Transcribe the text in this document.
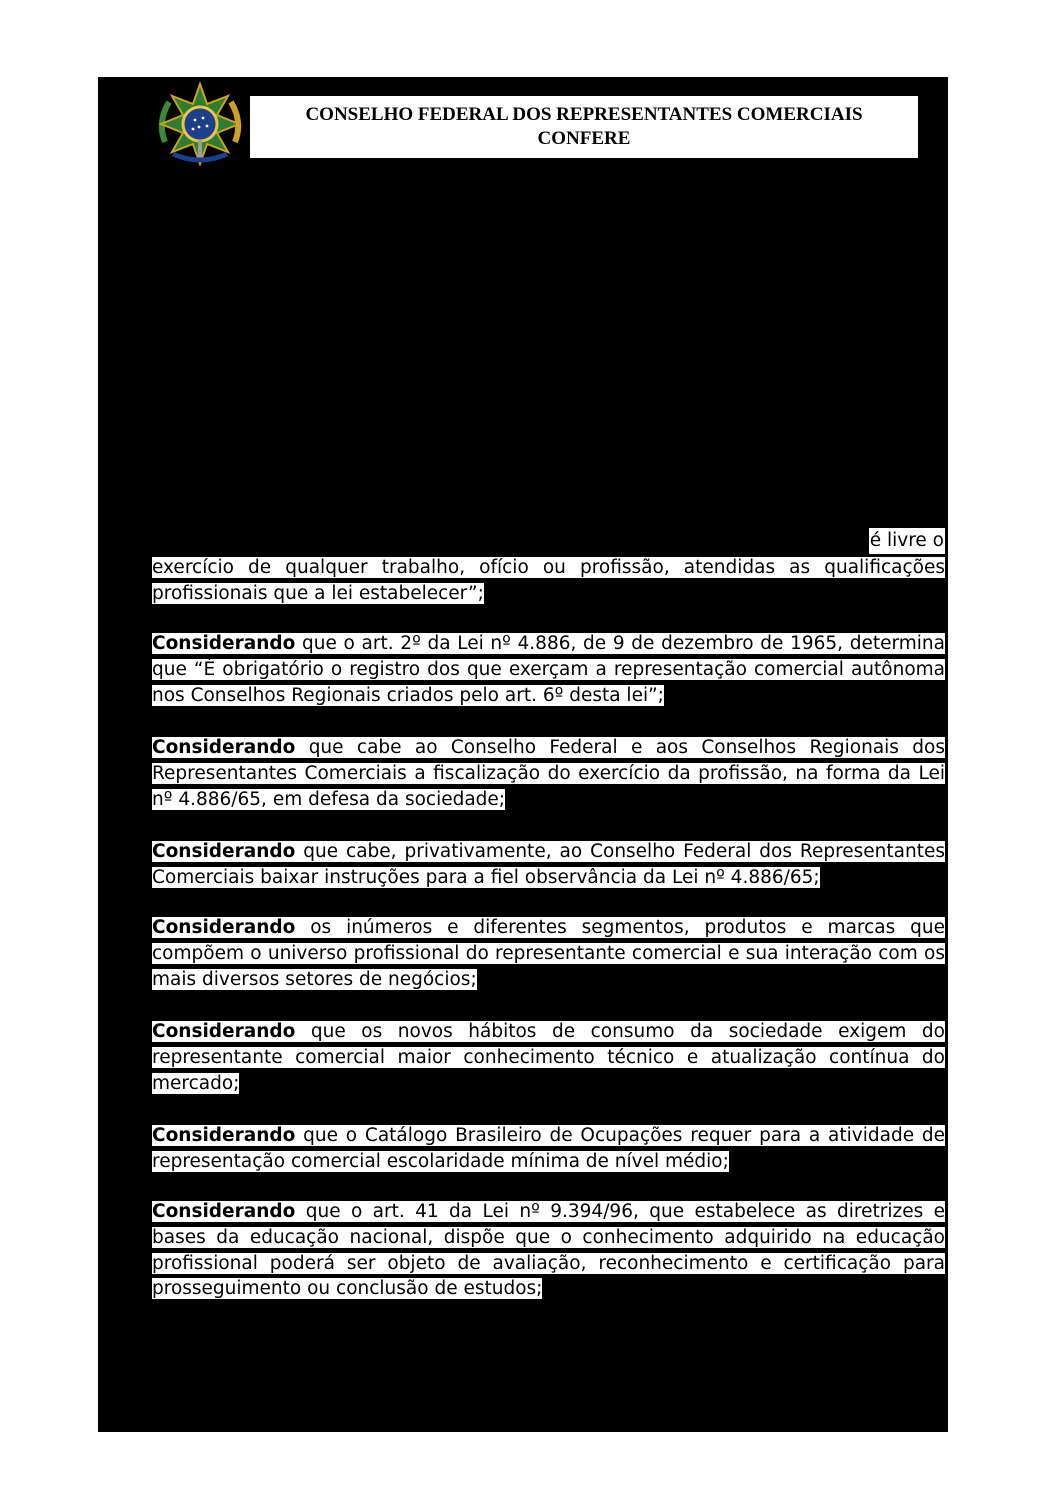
CONSELHO FEDERAL DOS REPRESENTANTES COMERCIAIS
CONFERE

é livre o

exercício de qualquer trabalho, ofício ou profissão, atendidas as qualificações profissionais que a lei estabelecer”;

Considerando que o art. 2º da Lei nº 4.886, de 9 de dezembro de 1965, determina que “É obrigatório o registro dos que exerçam a representação comercial autônoma nos Conselhos Regionais criados pelo art. 6º desta lei”;

Considerando que cabe ao Conselho Federal e aos Conselhos Regionais dos Representantes Comerciais a fiscalização do exercício da profissão, na forma da Lei nº 4.886/65, em defesa da sociedade;

Considerando que cabe, privativamente, ao Conselho Federal dos Representantes Comerciais baixar instruções para a fiel observância da Lei nº 4.886/65;

Considerando os inúmeros e diferentes segmentos, produtos e marcas que compõem o universo profissional do representante comercial e sua interação com os mais diversos setores de negócios;

Considerando que os novos hábitos de consumo da sociedade exigem do representante comercial maior conhecimento técnico e atualização contínua do mercado;

Considerando que o Catálogo Brasileiro de Ocupações requer para a atividade de representação comercial escolaridade mínima de nível médio;

Considerando que o art. 41 da Lei nº 9.394/96, que estabelece as diretrizes e bases da educação nacional, dispõe que o conhecimento adquirido na educação profissional poderá ser objeto de avaliação, reconhecimento e certificação para prosseguimento ou conclusão de estudos;
